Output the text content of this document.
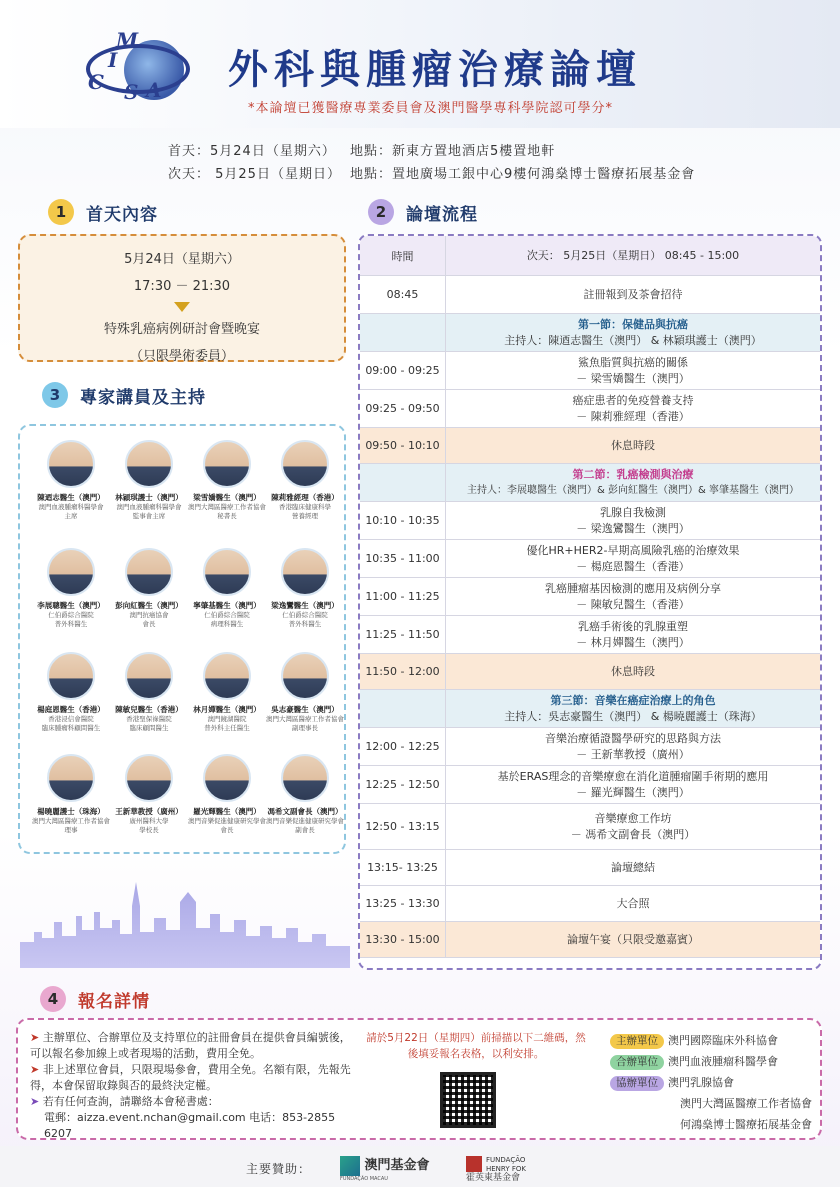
M
I
C S A 外科與腫瘤治療論壇
*本論壇已獲醫療專業委員會及澳門醫學專科學院認可學分*
首天：5月24日（星期六） 地點：新東方置地酒店5樓置地軒
次天： 5月25日（星期日） 地點：置地廣場工銀中心9樓何鴻燊博士醫療拓展基金會
1	首天內容
5月24日（星期六）
17:30 － 21:30
特殊乳癌病例研討會暨晚宴
（只限學術委員）
3	專家講員及主持
陳迺志醫生（澳門）
澳門血液腫瘤科醫學會
主席
林穎琪護士（澳門）
澳門血液腫瘤科醫學會
監事會主席
梁雪嬌醫生（澳門）
澳門大灣區醫療工作者協會
秘書長
陳莉雅經理（香港）
香港臨床健康科學
營養經理
李展聰醫生（澳門）
仁伯爵綜合醫院
普外科醫生
彭向紅醫生（澳門）
澳門抗癌協會
會長
寧肇基醫生（澳門）
仁伯爵綜合醫院
病理科醫生
梁逸鸞醫生（澳門）
仁伯爵綜合醫院
普外科醫生
楊庭恩醫生（香港）
香港浸信會醫院
臨床腫瘤科顧問醫生
陳敏兒醫生（香港）
香港聖保祿醫院
臨床顧問醫生
林月嬋醫生（澳門）
澳門鏡湖醫院
普外科主任醫生
吳志豪醫生（澳門）
澳門大灣區醫療工作者協會
副理事長
楊曉麗護士（珠海）
澳門大灣區醫療工作者協會
理事
王新華教授（廣州）
廣州醫科大學
學校長
羅光輝醫生（澳門）
澳門音樂促進健康研究學會
會長
馮希文副會長（澳門）
澳門音樂促進健康研究學會
副會長
2	論壇流程
時間	次天： 5月25日（星期日） 08:45 - 15:00
08:45	註冊報到及茶會招待
第一節：保健品與抗癌
主持人：陳迺志醫生（澳門） & 林穎琪護士（澳門）
09:00 - 09:25
鯊魚脂質與抗癌的關係
－ 梁雪嬌醫生（澳門）
09:25 - 09:50
癌症患者的免疫營養支持
－ 陳莉雅經理（香港）
09:50 - 10:10	休息時段
第二節：乳癌檢測與治療
主持人：李展聰醫生（澳門）& 彭向紅醫生（澳門）& 寧肇基醫生（澳門）
10:10 - 10:35
乳腺自我檢測
－ 梁逸鸞醫生（澳門）
10:35 - 11:00
優化HR+HER2-早期高風險乳癌的治療效果
－ 楊庭恩醫生（香港）
11:00 - 11:25
乳癌腫瘤基因檢測的應用及病例分享
－ 陳敏兒醫生（香港）
11:25 - 11:50
乳癌手術後的乳腺重塑
－ 林月嬋醫生（澳門）
11:50 - 12:00	休息時段
第三節：音樂在癌症治療上的角色
主持人：吳志豪醫生（澳門） & 楊曉麗護士（珠海）
12:00 - 12:25
音樂治療循證醫學研究的思路與方法
－ 王新華教授（廣州）
12:25 - 12:50
基於ERAS理念的音樂療愈在消化道腫瘤圍手術期的應用
－ 羅光輝醫生（澳門）
12:50 - 13:15
音樂療愈工作坊
－ 馮希文副會長（澳門）
13:15- 13:25	論壇總結
13:25 - 13:30	大合照
13:30 - 15:00	論壇午宴（只限受邀嘉賓）
4	報名詳情
➤ 主辦單位、合辦單位及支持單位的註冊會員在提供會員編號後，可以報名參加線上或者現場的活動，費用全免。
➤ 非上述單位會員，只限現場參會，費用全免。名額有限，先報先得，本會保留取錄與否的最終決定權。
➤ 若有任何查詢，請聯絡本會秘書處：
電郵：aizza.event.nchan@gmail.com 电话：853-2855 6207
請於5月22日（星期四）前掃描以下二維碼，然後填妥報名表格，以利安排。
主辦單位 澳門國際臨床外科協會
合辦單位 澳門血液腫瘤科醫學會
協辦單位 澳門乳腺協會
澳門大灣區醫療工作者協會
何鴻燊博士醫療拓展基金會
主要贊助：	澳門基金會
FUNDAÇÃO MACAU
FUNDAÇÃO HENRY FOK
霍英東基金會
